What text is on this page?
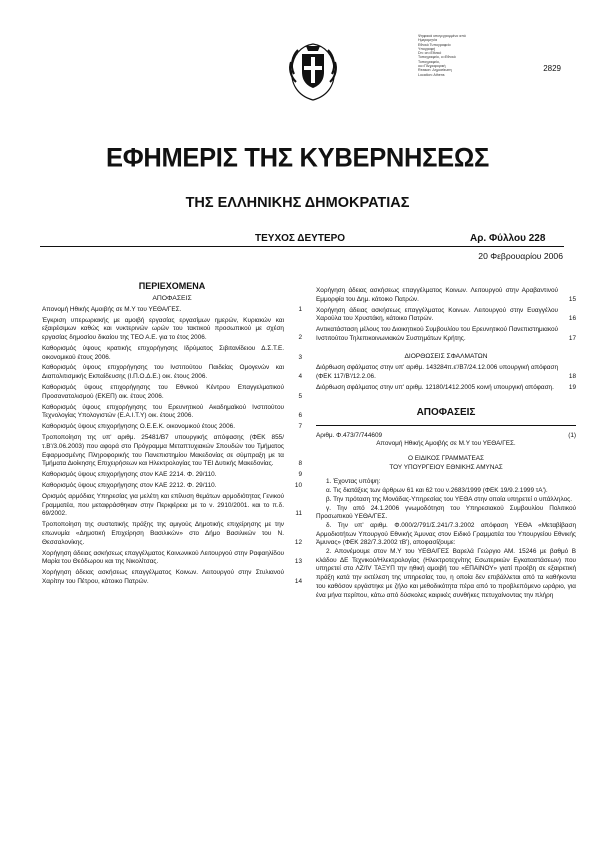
Ψηφιακά υπογεγραμμένο από
Ημερομηνία
Εθνικό Τυπογραφείο
Υπογραφή
Dn: cn=Εθνικό
Τυπογραφείο, o=Εθνικό
Τυπογραφείο,
ou=Πληροφορική
Reason: Δημοσίευση
Location: Athens
2829
ΕΦΗΜΕΡΙΣ ΤΗΣ ΚΥΒΕΡΝΗΣΕΩΣ
ΤΗΣ ΕΛΛΗΝΙΚΗΣ ΔΗΜΟΚΡΑΤΙΑΣ
ΤΕΥΧΟΣ ΔΕΥΤΕΡΟ	Αρ. Φύλλου 228
20 Φεβρουαρίου 2006
ΠΕΡΙΕΧΟΜΕΝΑ
ΑΠΟΦΑΣΕΙΣ
Απονομή Ηθικής Αμοιβής σε Μ.Υ του ΥΕΘΑ/ΓΕΣ.	1
Έγκριση υπερωριακής με αμοιβή εργασίας εργασίμων ημερών, Κυριακών και εξαιρέσιμων καθώς και νυκτερινών ωρών του τακτικού προσωπικού με σχέση εργασίας δημοσίου δικαίου της ΤΕΟ Α.Ε. για το έτος 2006.	2
Καθορισμός ύψους κρατικής επιχορήγησης Ιδρύματος Σιβιτανίδειου Δ.Σ.Τ.Ε. οικονομικού έτους 2006.	3
Καθορισμός ύψους επιχορήγησης του Ινστιτούτου Παιδείας Ομογενών και Διαπολιτισμικής Εκπαίδευσης (Ι.Π.Ο.Δ.Ε.) οικ. έτους 2006.	4
Καθορισμός ύψους επιχορήγησης του Εθνικού Κέντρου Επαγγελματικού Προσανατολισμού (ΕΚΕΠ) οικ. έτους 2006.	5
Καθορισμός ύψους επιχορήγησης του Ερευνητικού Ακαδημαϊκού Ινστιτούτου Τεχνολογίας Υπολογιστών (Ε.Α.Ι.Τ.Υ) οικ. έτους 2006.	6
Καθορισμός ύψους επιχορήγησης Ο.Ε.Ε.Κ. οικονομικού έτους 2006.	7
Τροποποίηση της υπ' αριθμ. 25481/Β7 υπουργικής απόφασης (ΦΕΚ 855/τ.Β'/3.06.2003) που αφορά στο Πρόγραμμα Μεταπτυχιακών Σπουδών του Τμήματος Εφαρμοσμένης Πληροφορικής του Πανεπιστημίου Μακεδονίας σε σύμπραξη με τα Τμήματα Διοίκησης Επιχειρήσεων και Ηλεκτρολογίας του ΤΕΙ Δυτικής Μακεδονίας.	8
Καθορισμός ύψους επιχορήγησης στον ΚΑΕ 2214. Φ. 29/110.	9
Καθορισμός ύψους επιχορήγησης στον ΚΑΕ 2212. Φ. 29/110.	10
Ορισμός αρμόδιας Υπηρεσίας για μελέτη και επίλυση θεμάτων αρμοδιότητας Γενικού Γραμματέα, που μεταφράσθηκαν στην Περιφέρεια με το ν. 2910/2001. και το π.δ. 69/2002.	11
Τροποποίηση της συστατικής πράξης της αμιγούς Δημοτικής επιχείρησης με την επωνυμία «Δημοτική Επιχείρηση Βασιλικών» στο Δήμο Βασιλικών του Ν. Θεσσαλονίκης.	12
Χορήγηση άδειας ασκήσεως επαγγέλματος Κοινωνικού Λειτουργού στην Ραφαηλίδου Μαρία του Θεόδωρου και της Νικολίτσας.	13
Χορήγηση άδειας ασκήσεως επαγγέλματος Κοινων. Λειτουργού στην Στυλιανού Χαρίτην του Πέτρου, κάτοικο Πατρών.	14
Χορήγηση άδειας ασκήσεως επαγγέλματος Κοινων. Λειτουργού στην Αραβαντινού Εμμορφία του Δημ. κάτοικο Πατρών.	15
Χορήγηση άδειας ασκήσεως επαγγέλματος Κοινων. Λειτουργού στην Ευαγγέλου Χαρούλα του Χρυστάκη, κάτοικο Πατρών.	16
Αντικατάσταση μέλους του Διοικητικού Συμβουλίου του Ερευνητικού Πανεπιστημιακού Ινστιτούτου Τηλεπικοινωνιακών Συστημάτων Κρήτης.	17
ΔΙΟΡΘΩΣΕΙΣ ΣΦΑΛΜΑΤΩΝ
Διόρθωση σφάλματος στην υπ' αριθμ. 143284π.ε'/Β7/24.12.006 υπουργική απόφαση (ΦΕΚ 117/Β'/12.2.06.	18
Διόρθωση σφάλματος στην υπ' αριθμ. 12180/1412.2005 κοινή υπουργική απόφαση.	19
ΑΠΟΦΑΣΕΙΣ
Αριθμ. Φ.473/7/744609	(1)
Απονομή Ηθικής Αμοιβής σε Μ.Υ του ΥΕΘΑ/ΓΕΣ.
Ο ΕΙΔΙΚΟΣ ΓΡΑΜΜΑΤΕΑΣ
ΤΟΥ ΥΠΟΥΡΓΕΙΟΥ ΕΘΝΙΚΗΣ ΑΜΥΝΑΣ

1. Έχοντας υπόψη:

α. Τις διατάξεις των άρθρων 61 και 62 του ν.2683/1999 (ΦΕΚ 19/9.2.1999 τΑ').

β. Την πρόταση της Μονάδας-Υπηρεσίας του ΥΕΘΑ στην οποία υπηρετεί ο υπάλληλος.

γ. Την από 24.1.2006 γνωμοδότηση του Υπηρεσιακού Συμβουλίου Πολιτικού Προσωπικού ΥΕΘΑ/ΓΕΣ.

δ. Την υπ' αριθμ. Φ.000/2/791/Σ.241/7.3.2002 απόφαση ΥΕΘΑ «Μεταβίβαση Αρμοδιοτήτων Υπουργού Εθνικής Άμυνας στον Ειδικό Γραμματέα του Υπουργείου Εθνικής Άμυνας» (ΦΕΚ 282/7.3.2002 τΒ'), αποφασίζουμε:

2. Απονέμουμε στον Μ.Υ του ΥΕΘΑ/ΓΕΣ Βαρελά Γεώργιο ΑΜ. 15246 με βαθμό Β κλάδου ΔΕ Τεχνικού/Ηλεκτρολογίας (Ηλεκτροτεχνίτης Εσωτερικών Εγκαταστάσεων) που υπηρετεί στο ΛΖ/IV ΤΑΞΥΠ την ηθική αμοιβή του «ΕΠΑΙΝΟΥ» γιατί προέβη σε εξαιρετική πράξη κατά την εκτέλεση της υπηρεσίας του, η οποία δεν επιβάλλεται από τα καθήκοντα του καθόσον εργάστηκε με ζήλο και μεθοδικότητα πέρα από το προβλεπόμενο ωράριο, για ένα μήνα περίπου, κάτω από δύσκολες καιρικές συνθήκες πετυχαίνοντας την πλήρη
